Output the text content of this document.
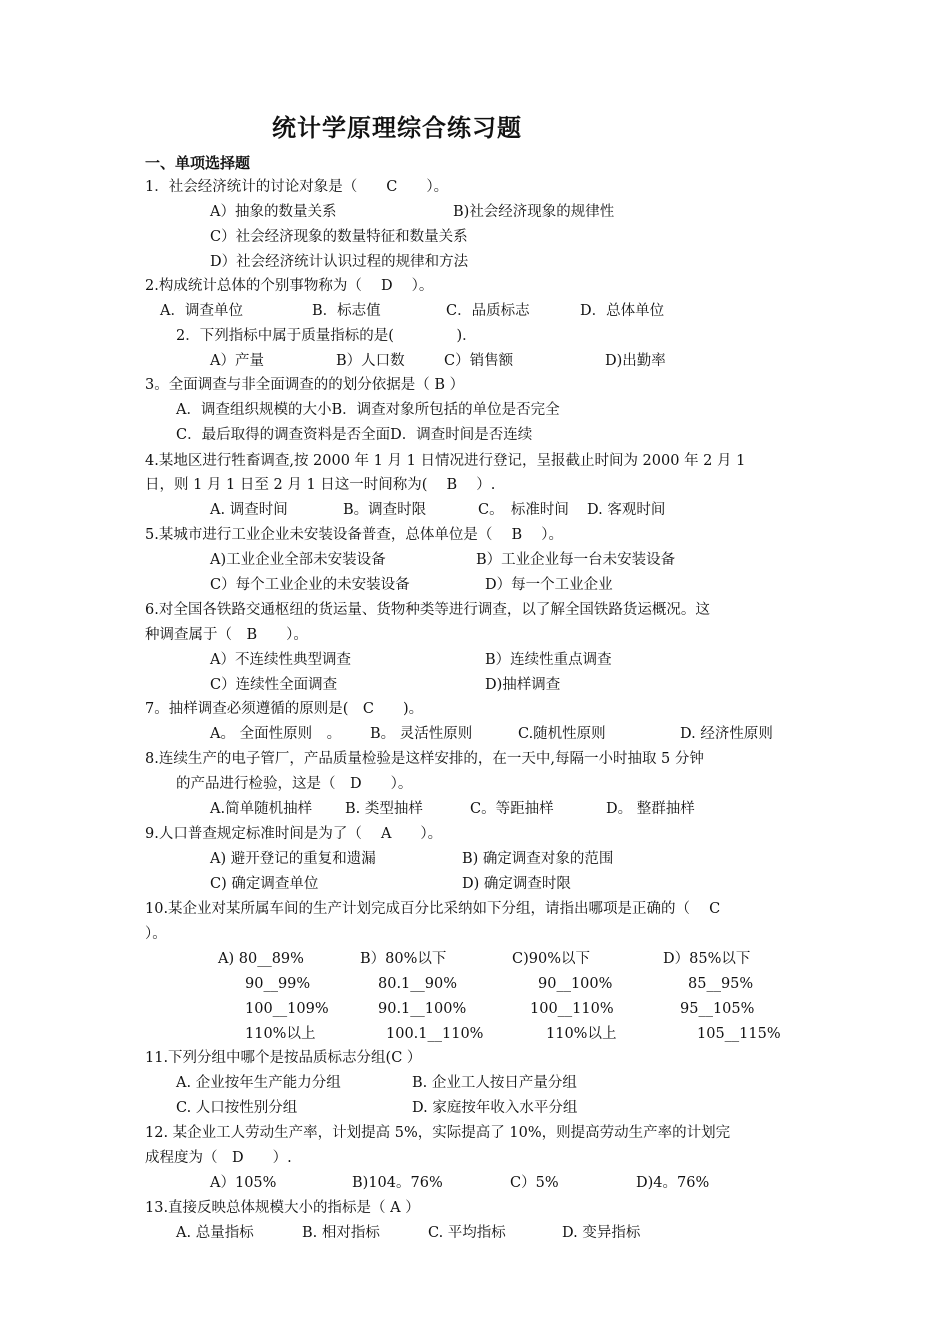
统计学原理综合练习题
一、单项选择题
1．社会经济统计的讨论对象是（　　C　　）。
A）抽象的数量关系	B)社会经济现象的规律性
C）社会经济现象的数量特征和数量关系
D）社会经济统计认识过程的规律和方法
2.构成统计总体的个别事物称为（　 D　 ）。
A．调查单位	B．标志值	C．品质标志	D．总体单位
2．下列指标中属于质量指标的是(　　　　 )．
A）产量	B）人口数	C）销售额	D)出勤率
3。全面调查与非全面调查的的划分依据是（ B ）
A．调查组织规模的大小B．调查对象所包括的单位是否完全
C．最后取得的调查资料是否全面D．调查时间是否连续
4.某地区进行牲畜调查,按 2000 年 1 月 1 日情况进行登记，呈报截止时间为 2000 年 2 月 1
日，则 1 月 1 日至 2 月 1 日这一时间称为(　 B　 ）.
A. 调查时间	B。调查时限	C。　标准时间 D. 客观时间
5.某城市进行工业企业未安装设备普查，总体单位是（　 B　 ）。
A)工业企业全部未安装设备	B）工业企业每一台未安装设备
C）每个工业企业的未安装设备	D）每一个工业企业
6.对全国各铁路交通枢纽的货运量、货物种类等进行调查，以了解全国铁路货运概况。这
种调查属于（　B　　）。
A）不连续性典型调查	B）连续性重点调查
C）连续性全面调查	D)抽样调查
7。抽样调查必须遵循的原则是(　C　　)。
A。 全面性原则　。 B。 灵活性原则	C.随机性原则	D. 经济性原则
8.连续生产的电子管厂，产品质量检验是这样安排的，在一天中,每隔一小时抽取 5 分钟
的产品进行检验，这是（　D　　）。
A.简单随机抽样 B. 类型抽样	C。等距抽样	D。 整群抽样
9.人口普查规定标准时间是为了（　 A　　）。
A) 避开登记的重复和遗漏	B) 确定调查对象的范围
C) 确定调查单位	D) 确定调查时限
10.某企业对某所属车间的生产计划完成百分比采纳如下分组，请指出哪项是正确的（　 C
）。
A) 80__89%	B）80%以下	C)90%以下	D）85%以下
90__99%	80.1__90%	90__100%	85__95%
100__109%	90.1__100%	100__110%	95__105%
110%以上	100.1__110%	110%以上	105__115%
11.下列分组中哪个是按品质标志分组(C ）
A. 企业按年生产能力分组	B. 企业工人按日产量分组
C. 人口按性别分组	D. 家庭按年收入水平分组
12. 某企业工人劳动生产率，计划提高 5%，实际提高了 10%，则提高劳动生产率的计划完
成程度为（　D　　）.
A）105%	B)104。76%	C）5%	D)4。76%
13.直接反映总体规模大小的指标是（ A ）
A. 总量指标	B. 相对指标	C. 平均指标	D. 变异指标
